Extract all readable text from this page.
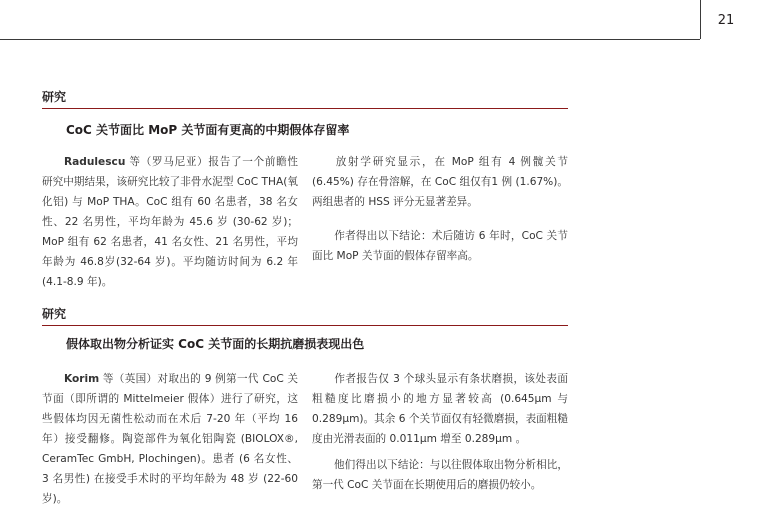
21
研究
CoC 关节面比 MoP 关节面有更高的中期假体存留率

Radulescu 等（罗马尼亚）报告了一个前瞻性研究中期结果，该研究比较了非骨水泥型 CoC THA(氧化铝) 与 MoP THA。CoC 组有 60 名患者，38 名女性、22 名男性，平均年龄为 45.6 岁 (30-62 岁)；MoP 组有 62 名患者，41 名女性、21 名男性，平均年龄为 46.8岁(32-64 岁)。平均随访时间为 6.2 年 (4.1-8.9 年)。

放射学研究显示，在 MoP 组有 4 例髋关节 (6.45%) 存在骨溶解，在 CoC 组仅有1 例 (1.67%)。两组患者的 HSS 评分无显著差异。

作者得出以下结论：术后随访 6 年时，CoC 关节面比 MoP 关节面的假体存留率高。

研究
假体取出物分析证实 CoC 关节面的长期抗磨损表现出色

Korim 等（英国）对取出的 9 例第一代 CoC 关节面（即所谓的 Mittelmeier 假体）进行了研究，这些假体均因无菌性松动而在术后 7-20 年（平均 16 年）接受翻修。陶瓷部件为氧化铝陶瓷 (BIOLOX®, CeramTec GmbH, Plochingen)。患者 (6 名女性、3 名男性) 在接受手术时的平均年龄为 48 岁 (22-60 岁)。

作者报告仅 3 个球头显示有条状磨损，该处表面粗糙度比磨损小的地方显著较高 (0.645μm 与 0.289μm)。其余 6 个关节面仅有轻微磨损，表面粗糙度由光滑表面的 0.011μm 增至 0.289μm 。

他们得出以下结论：与以往假体取出物分析相比，第一代 CoC 关节面在长期使用后的磨损仍较小。
